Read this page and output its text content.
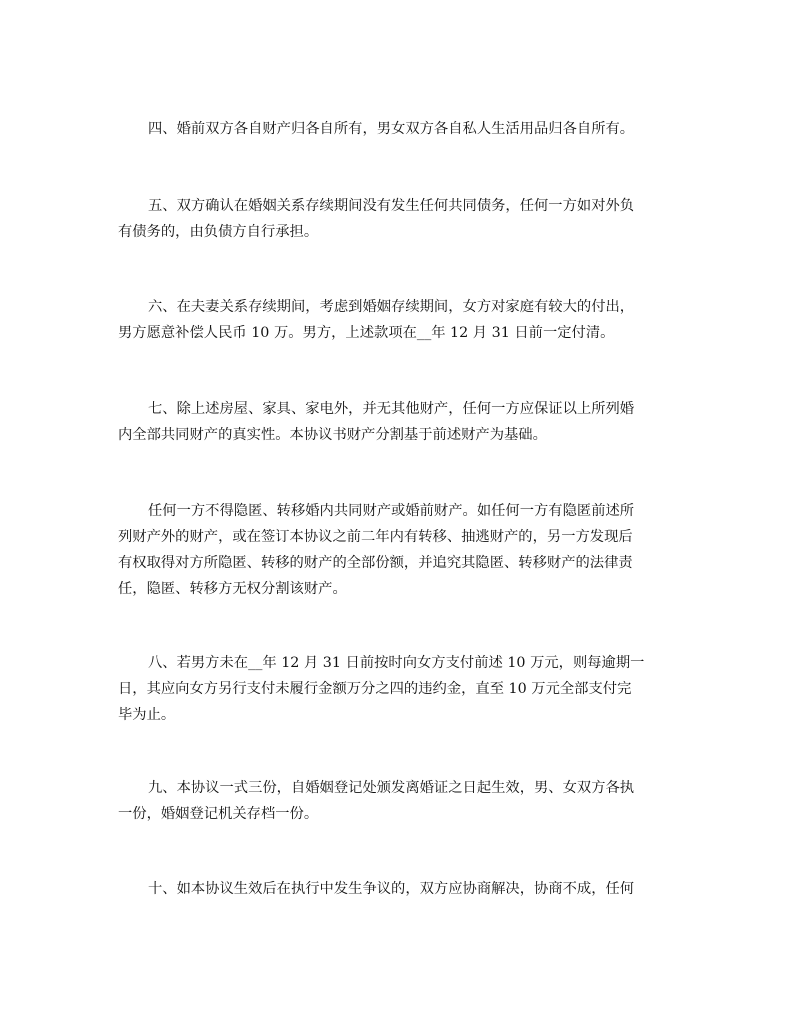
四、婚前双方各自财产归各自所有，男女双方各自私人生活用品归各自所有。
五、双方确认在婚姻关系存续期间没有发生任何共同债务，任何一方如对外负
有债务的，由负债方自行承担。
六、在夫妻关系存续期间，考虑到婚姻存续期间，女方对家庭有较大的付出，
男方愿意补偿人民币 10 万。男方，上述款项在__年 12 月 31 日前一定付清。
七、除上述房屋、家具、家电外，并无其他财产，任何一方应保证以上所列婚
内全部共同财产的真实性。本协议书财产分割基于前述财产为基础。
任何一方不得隐匿、转移婚内共同财产或婚前财产。如任何一方有隐匿前述所
列财产外的财产，或在签订本协议之前二年内有转移、抽逃财产的，另一方发现后
有权取得对方所隐匿、转移的财产的全部份额，并追究其隐匿、转移财产的法律责
任，隐匿、转移方无权分割该财产。
八、若男方未在__年 12 月 31 日前按时向女方支付前述 10 万元，则每逾期一
日，其应向女方另行支付未履行金额万分之四的违约金，直至 10 万元全部支付完
毕为止。
九、本协议一式三份，自婚姻登记处颁发离婚证之日起生效，男、女双方各执
一份，婚姻登记机关存档一份。
十、如本协议生效后在执行中发生争议的，双方应协商解决，协商不成，任何
